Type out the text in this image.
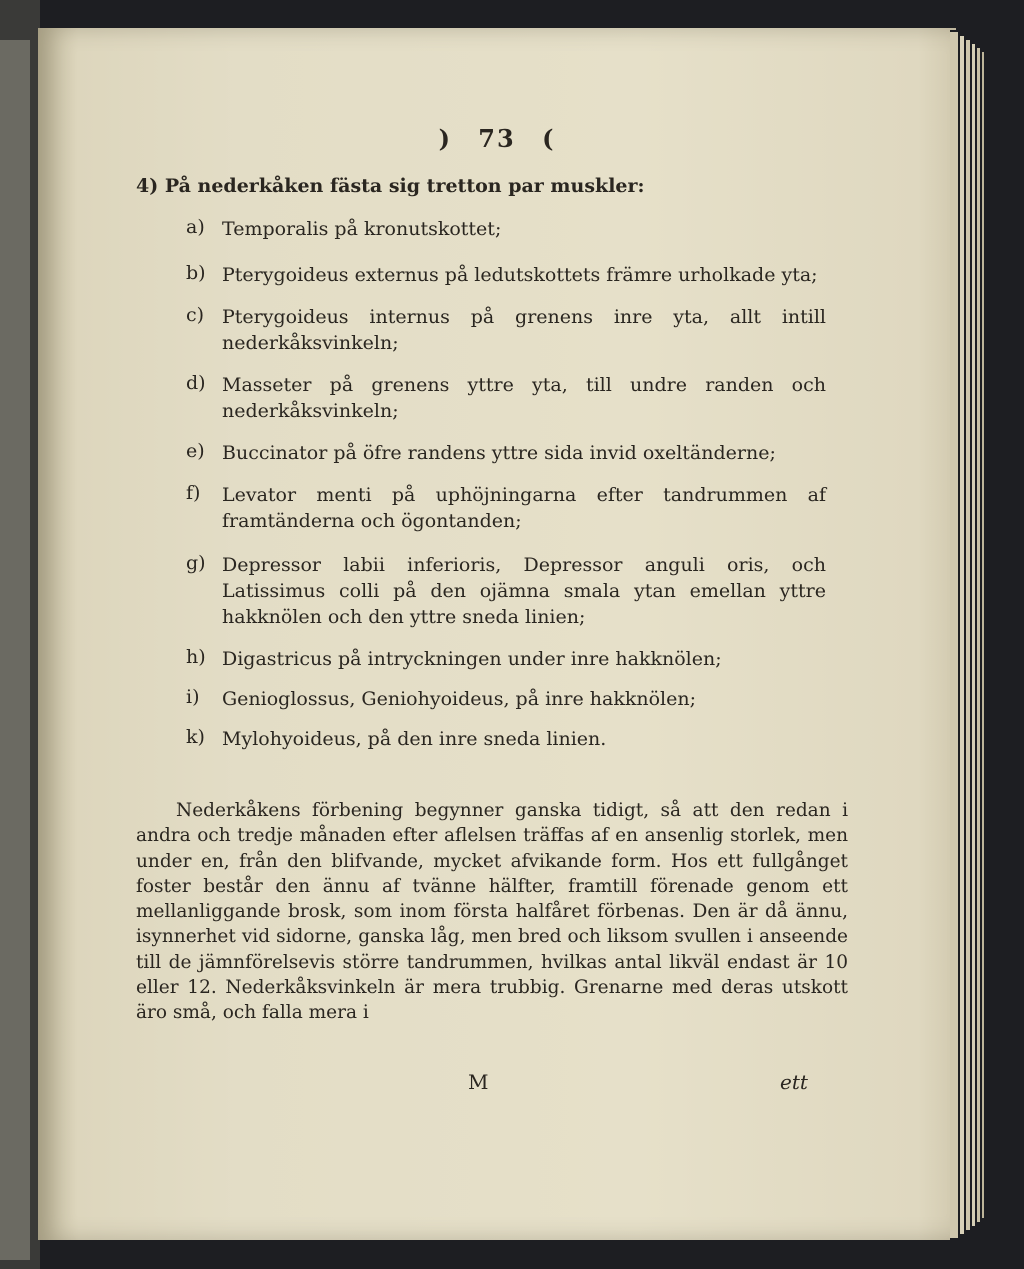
) 73 (
4) På nederkåken fästa sig tretton par muskler:
a) Temporalis på kronutskottet;
b) Pterygoideus externus på ledutskottets främre urholkade yta;
c) Pterygoideus internus på grenens inre yta, allt intill nederkåksvinkeln;
d) Masseter på grenens yttre yta, till undre randen och nederkåksvinkeln;
e) Buccinator på öfre randens yttre sida invid oxeltänderne;
f)	Levator menti på uphöjningarna efter tandrummen af framtänderna och ögontanden;
g) Depressor labii inferioris, Depressor anguli oris, och Latissimus colli på den ojämna smala ytan emellan yttre hakknölen och den yttre sneda linien;
h) Digastricus på intryckningen under inre hakknölen;
i)	Genioglossus, Geniohyoideus, på inre hakknölen;
k) Mylohyoideus, på den inre sneda linien.
Nederkåkens förbening begynner ganska tidigt, så att den redan i andra och tredje månaden efter aflelsen träffas af en ansenlig storlek, men under en, från den blifvande, mycket afvikande form. Hos ett fullgånget foster består den ännu af tvänne hälfter, framtill förenade genom ett mellanliggande brosk, som inom första halfåret förbenas. Den är då ännu, isynnerhet vid sidorne, ganska låg, men bred och liksom svullen i anseende till de jämnförelsevis större tandrummen, hvilkas antal likväl endast är 10 eller 12. Nederkåksvinkeln är mera trubbig. Grenarne med deras utskott äro små, och falla mera i
M	ett
